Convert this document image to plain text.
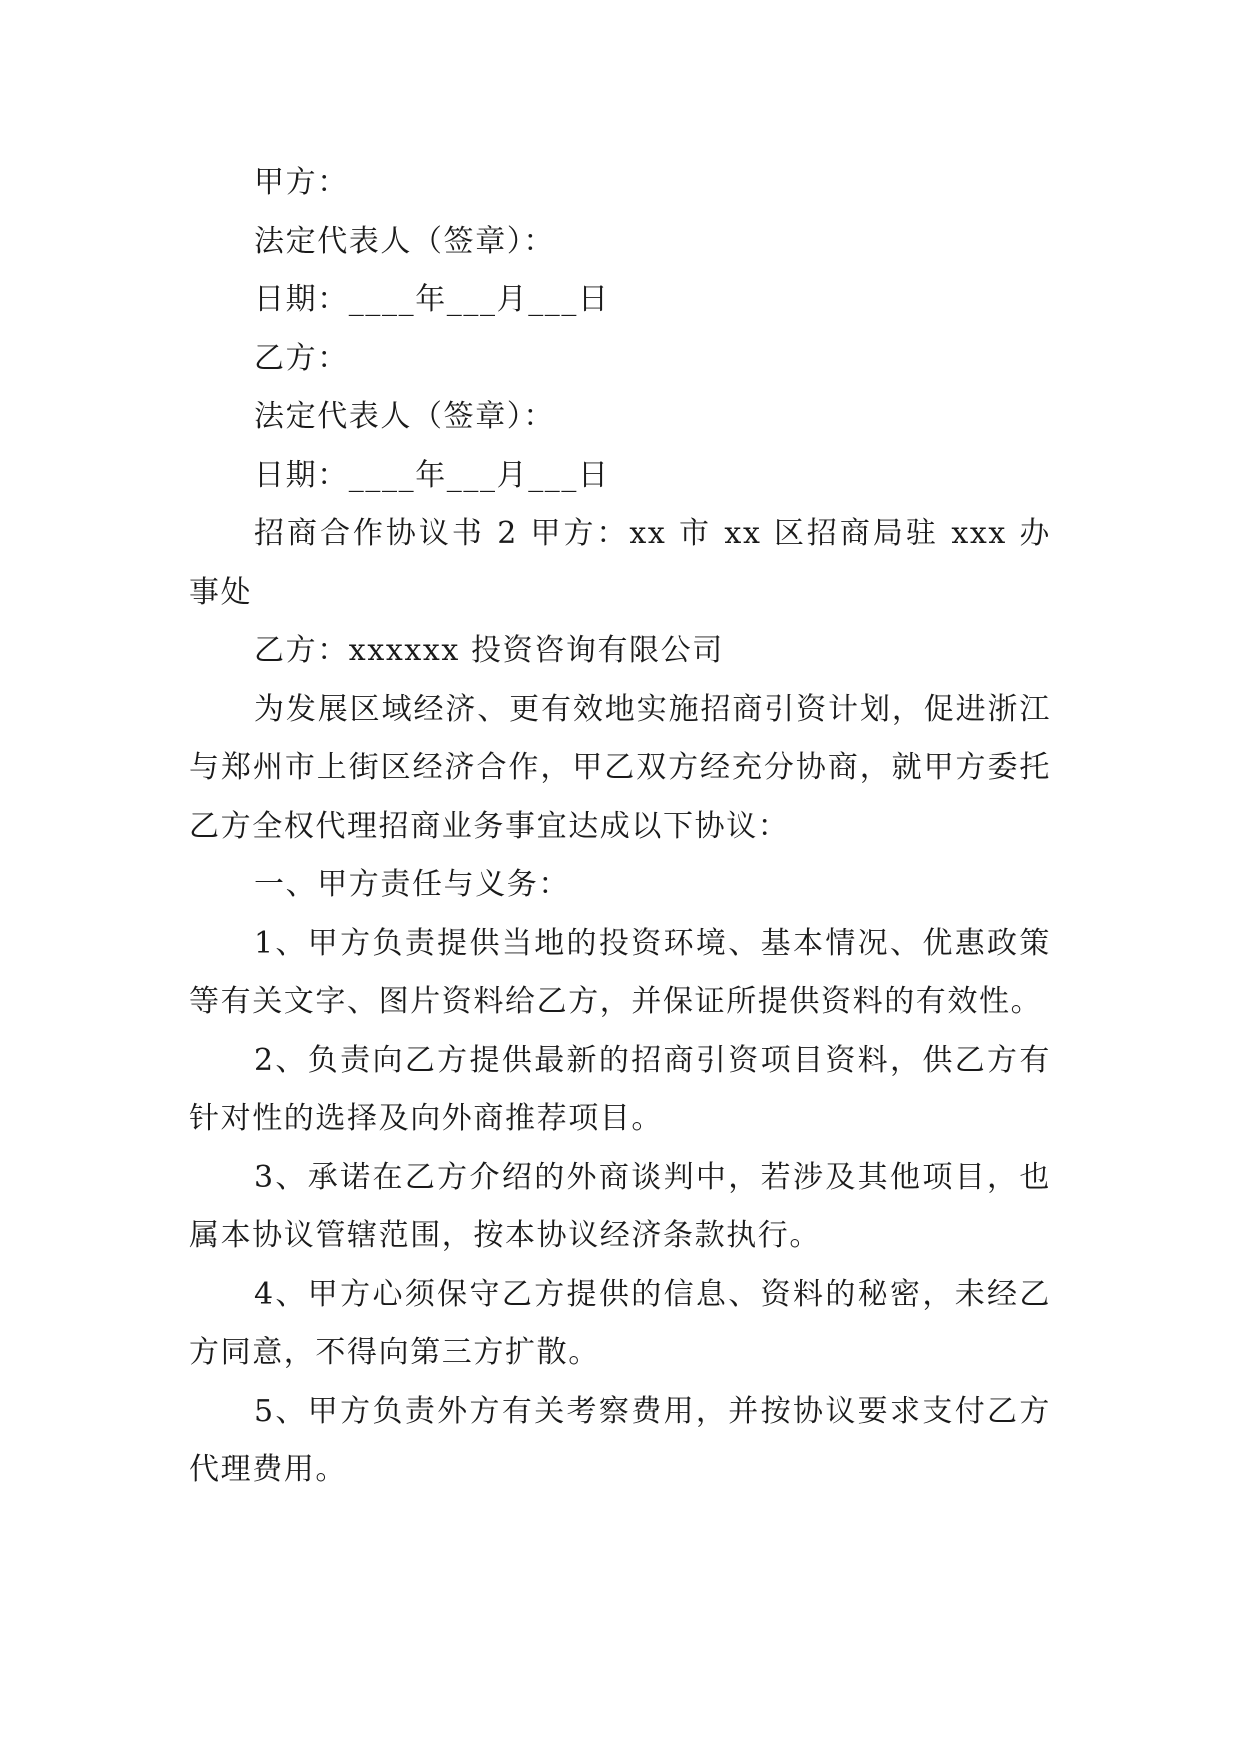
甲方：

法定代表人（签章）：

日期：____年___月___日

乙方：

法定代表人（签章）：

日期：____年___月___日

招商合作协议书 2 甲方：xx 市 xx 区招商局驻 xxx 办事处

乙方：xxxxxx 投资咨询有限公司

为发展区域经济、更有效地实施招商引资计划，促进浙江与郑州市上街区经济合作，甲乙双方经充分协商，就甲方委托乙方全权代理招商业务事宜达成以下协议：

一、甲方责任与义务：

1、甲方负责提供当地的投资环境、基本情况、优惠政策等有关文字、图片资料给乙方，并保证所提供资料的有效性。

2、负责向乙方提供最新的招商引资项目资料，供乙方有针对性的选择及向外商推荐项目。

3、承诺在乙方介绍的外商谈判中，若涉及其他项目，也属本协议管辖范围，按本协议经济条款执行。

4、甲方心须保守乙方提供的信息、资料的秘密，未经乙方同意，不得向第三方扩散。

5、甲方负责外方有关考察费用，并按协议要求支付乙方代理费用。
